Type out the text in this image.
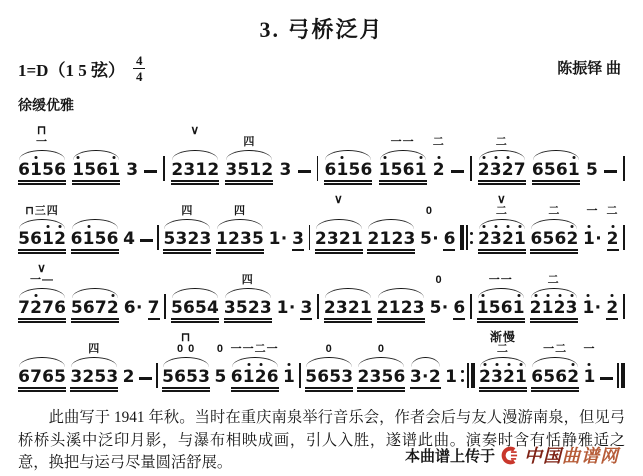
3. 弓桥泛月
1=D（1 5 弦） $\frac{4}{4}$	陈振铎 曲
徐缓优雅
6156
一
⊓
1561 3 2312
∨
3512
四
3 6156 1561
一一
2
二
2327
二
6561 5
5612
⊓三四
6156 4 5323
四
1235
四
1· 3 2321
∨
2123 5·
0
6 2321
二
∨
6562
二
1·
一
2
二
7276
一—
∨
5672 6· 7 5654 3523
四
1· 3 2321 2123 5·
0
6 1561
一一
2123
二
1· 2
6765 3253
四
2 5653
0 0
⊓
5
0
6126
一一二一
1 5653
0
2356
0
3·2 1 2321
二
渐慢
6562
一二
1
一
此曲写于 1941 年秋。当时在重庆南泉举行音乐会，作者会后与友人漫游南泉，但见弓桥桥头溪中泛印月影，与瀑布相映成画，引人入胜，遂谱此曲。演奏时含有恬静雅适之意，换把与运弓尽量圆活舒展。	本曲谱上传于 中国曲谱网
